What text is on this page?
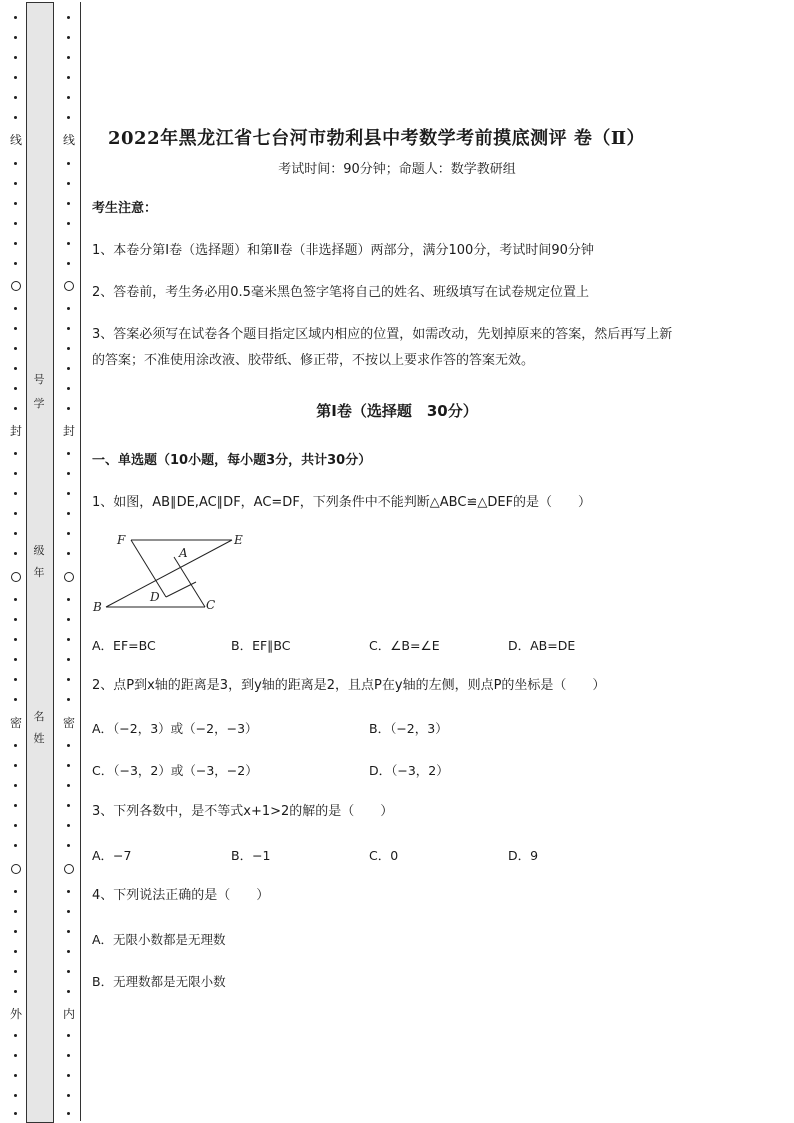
线
封
密
外
号
学
级
年
名
姓
线
封
密
内
2022年黑龙江省七台河市勃利县中考数学考前摸底测评 卷（Ⅱ）
考试时间：90分钟；命题人：数学教研组
考生注意：
1、本卷分第Ⅰ卷（选择题）和第Ⅱ卷（非选择题）两部分，满分100分，考试时间90分钟
2、答卷前，考生务必用0.5毫米黑色签字笔将自己的姓名、班级填写在试卷规定位置上
3、答案必须写在试卷各个题目指定区域内相应的位置，如需改动，先划掉原来的答案，然后再写上新
的答案；不准使用涂改液、胶带纸、修正带，不按以上要求作答的答案无效。
第Ⅰ卷（选择题　30分）
一、单选题（10小题，每小题3分，共计30分）
1、如图，AB∥DE,AC∥DF，AC=DF，下列条件中不能判断△ABC≌△DEF的是（　　）
F	E
A
D
B	C
A．EF=BC	B．EF∥BC	C．∠B=∠E	D．AB=DE
2、点P到x轴的距离是3，到y轴的距离是2，且点P在y轴的左侧，则点P的坐标是（　　）
A．（−2，3）或（−2，−3）	B．（−2，3）
C．（−3，2）或（−3，−2）	D．（−3，2）
3、下列各数中，是不等式x+1>2的解的是（　　）
A．−7	B．−1	C．0	D．9
4、下列说法正确的是（　　）
A．无限小数都是无理数
B．无理数都是无限小数
